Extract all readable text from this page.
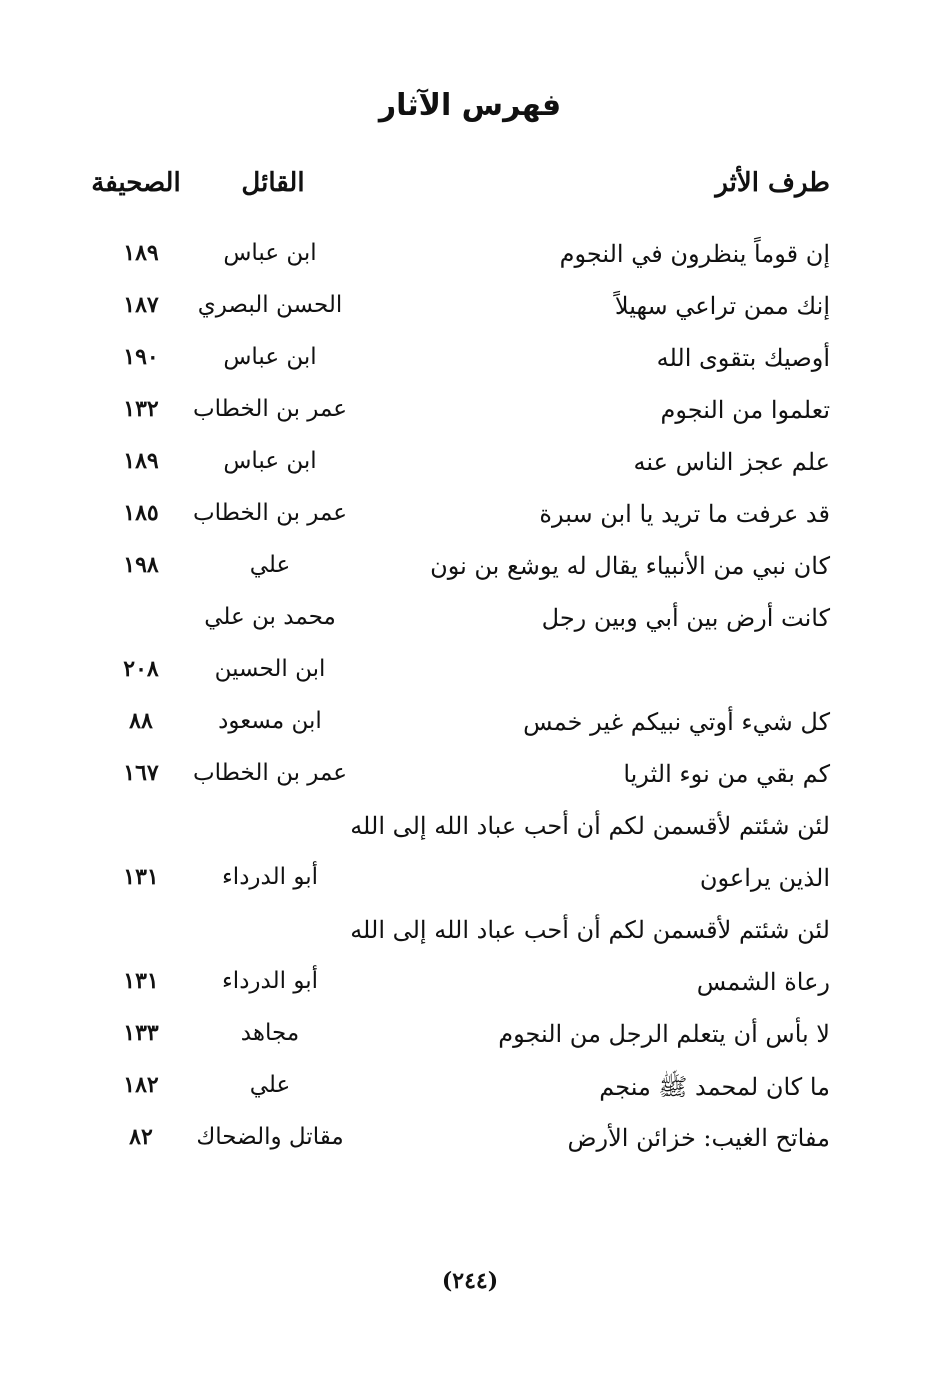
فهرس الآثار
طرف الأثر
القائل
الصحيفة
إن قوماً ينظرون في النجوم
ابن عباس
١٨٩
إنك ممن تراعي سهيلاً
الحسن البصري
١٨٧
أوصيك بتقوى الله
ابن عباس
١٩٠
تعلموا من النجوم
عمر بن الخطاب
١٣٢
علم عجز الناس عنه
ابن عباس
١٨٩
قد عرفت ما تريد يا ابن سبرة
عمر بن الخطاب
١٨٥
كان نبي من الأنبياء يقال له يوشع بن نون
علي
١٩٨
كانت أرض بين أبي وبين رجل
محمد بن علي
ابن الحسين
٢٠٨
كل شيء أوتي نبيكم غير خمس
ابن مسعود
٨٨
كم بقي من نوء الثريا
عمر بن الخطاب
١٦٧
لئن شئتم لأقسمن لكم أن أحب عباد الله إلى الله
الذين يراعون
أبو الدرداء
١٣١
لئن شئتم لأقسمن لكم أن أحب عباد الله إلى الله
رعاة الشمس
أبو الدرداء
١٣١
لا بأس أن يتعلم الرجل من النجوم
مجاهد
١٣٣
ما كان لمحمد ﷺ منجم
علي
١٨٢
مفاتح الغيب: خزائن الأرض
مقاتل والضحاك
٨٢
(٢٤٤)
